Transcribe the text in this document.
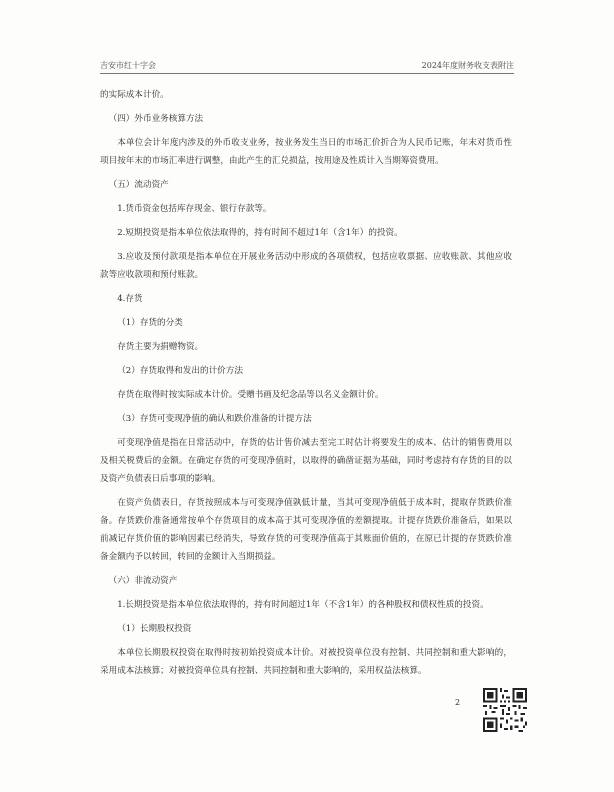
吉安市红十字会	2024年度财务收支表附注

的实际成本计价。

（四）外币业务核算方法

本单位会计年度内涉及的外币收支业务，按业务发生当日的市场汇价折合为人民币记账，年末对货币性项目按年末的市场汇率进行调整，由此产生的汇兑损益，按用途及性质计入当期筹资费用。

（五）流动资产

1.货币资金包括库存现金、银行存款等。

2.短期投资是指本单位依法取得的，持有时间不超过1年（含1年）的投资。

3.应收及预付款项是指本单位在开展业务活动中形成的各项债权，包括应收票据、应收账款、其他应收款等应收款项和预付账款。

4.存货

（1）存货的分类

存货主要为捐赠物资。

（2）存货取得和发出的计价方法

存货在取得时按实际成本计价。受赠书画及纪念品等以名义金额计价。

（3）存货可变现净值的确认和跌价准备的计提方法

可变现净值是指在日常活动中，存货的估计售价减去至完工时估计将要发生的成本、估计的销售费用以及相关税费后的金额。在确定存货的可变现净值时，以取得的确凿证据为基础，同时考虑持有存货的目的以及资产负债表日后事项的影响。

在资产负债表日，存货按照成本与可变现净值孰低计量，当其可变现净值低于成本时，提取存货跌价准备。存货跌价准备通常按单个存货项目的成本高于其可变现净值的差额提取。计提存货跌价准备后，如果以前减记存货价值的影响因素已经消失，导致存货的可变现净值高于其账面价值的，在原已计提的存货跌价准备金额内予以转回，转回的金额计入当期损益。

（六）非流动资产

1.长期投资是指本单位依法取得的，持有时间超过1年（不含1年）的各种股权和债权性质的投资。

（1）长期股权投资

本单位长期股权投资在取得时按初始投资成本计价。对被投资单位没有控制、共同控制和重大影响的，采用成本法核算；对被投资单位具有控制、共同控制和重大影响的，采用权益法核算。

2
